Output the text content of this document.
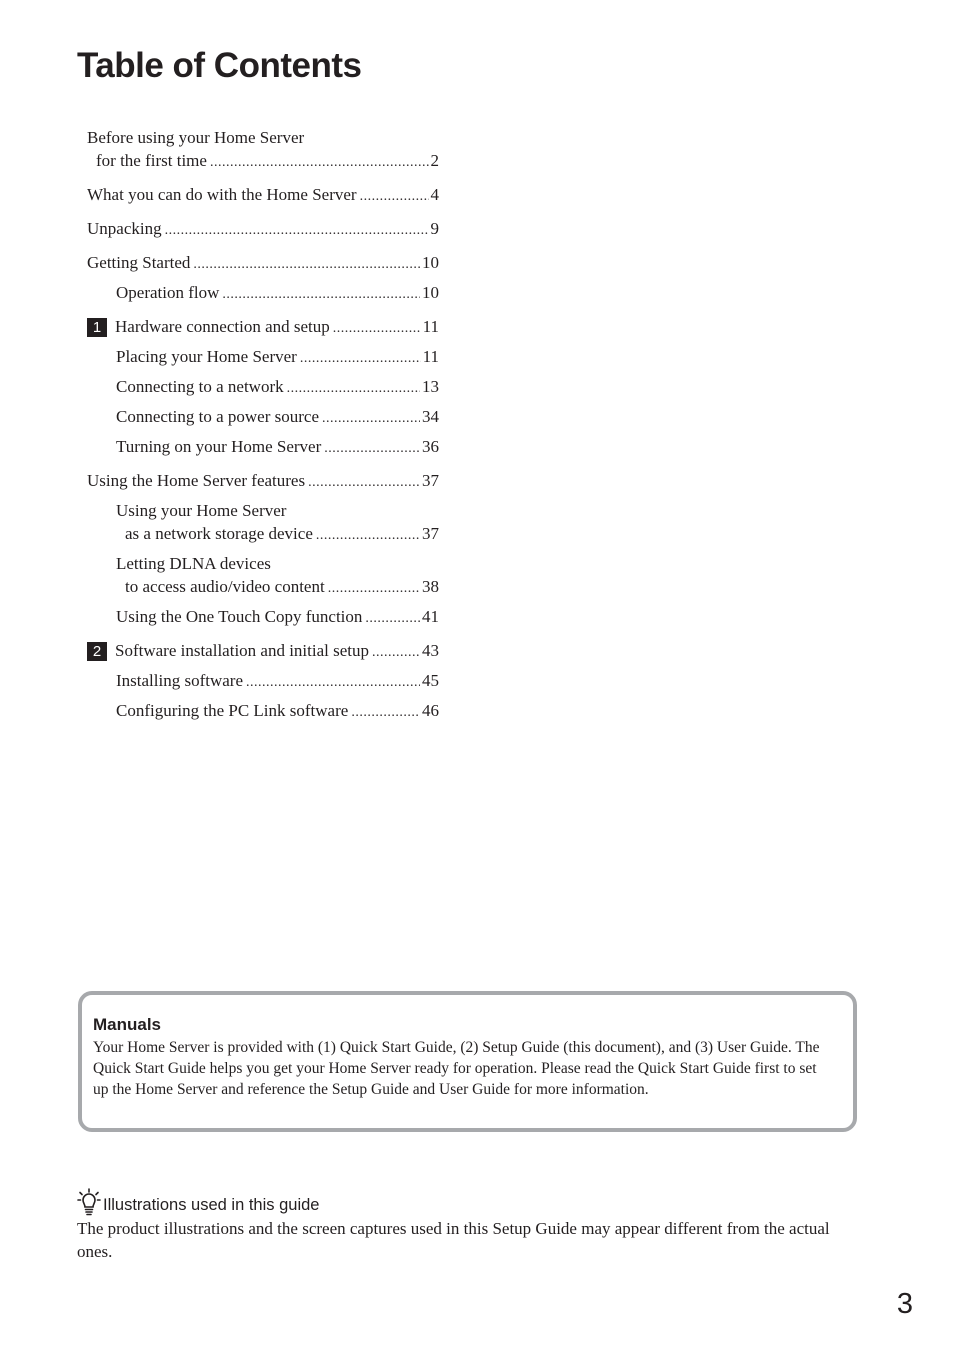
Table of Contents
Before using your Home Server
for the first time .....	2
What you can do with the Home Server .....	4
Unpacking .....	9
Getting Started .....	10
Operation flow .....	10
1 Hardware connection and setup .....	11
Placing your Home Server .....	11
Connecting to a network .....	13
Connecting to a power source .....	34
Turning on your Home Server .....	36
Using the Home Server features .....	37
Using your Home Server
as a network storage device .....	37
Letting DLNA devices
to access audio/video content .....	38
Using the One Touch Copy function .....	41
2 Software installation and initial setup .....	43
Installing software .....	45
Configuring the PC Link software .....	46
Manuals

Your Home Server is provided with (1) Quick Start Guide, (2) Setup Guide (this document), and (3) User Guide. The Quick Start Guide helps you get your Home Server ready for operation. Please read the Quick Start Guide first to set up the Home Server and reference the Setup Guide and User Guide for more information.

Illustrations used in this guide

The product illustrations and the screen captures used in this Setup Guide may appear different from the actual ones.

3
